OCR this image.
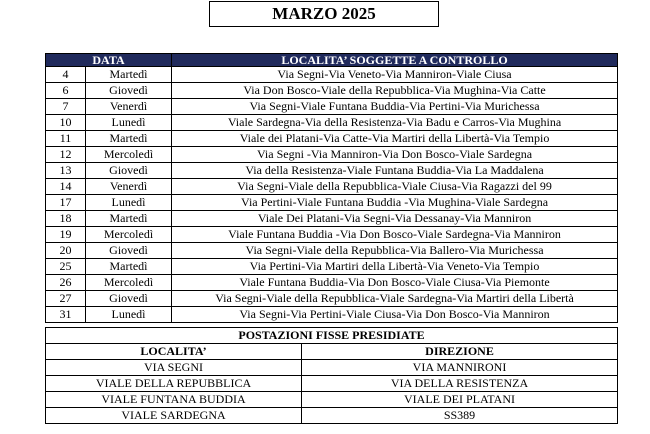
MARZO 2025
DATA		LOCALITA’ SOGGETTE A CONTROLLO
4	Martedì	Via Segni-Via Veneto-Via Manniron-Viale Ciusa
6	Giovedì	Via Don Bosco-Viale della Repubblica-Via Mughina-Via Catte
7	Venerdì	Via Segni-Viale Funtana Buddia-Via Pertini-Via Murichessa
10	Lunedì	Viale Sardegna-Via della Resistenza-Via Badu e Carros-Via Mughina
11	Martedì	Viale dei Platani-Via Catte-Via Martiri della Libertà-Via Tempio
12	Mercoledì	Via Segni -Via Manniron-Via Don Bosco-Viale Sardegna
13	Giovedì	Via della Resistenza-Viale Funtana Buddia-Via La Maddalena
14	Venerdì	Via Segni-Viale della Repubblica-Viale Ciusa-Via Ragazzi del 99
17	Lunedì	Via Pertini-Viale Funtana Buddia -Via Mughina-Viale Sardegna
18	Martedì	Viale Dei Platani-Via Segni-Via Dessanay-Via Manniron
19	Mercoledì	Viale Funtana Buddia -Via Don Bosco-Viale Sardegna-Via Manniron
20	Giovedì	Via Segni-Viale della Repubblica-Via Ballero-Via Murichessa
25	Martedì	Via Pertini-Via Martiri della Libertà-Via Veneto-Via Tempio
26	Mercoledì	Viale Funtana Buddia-Via Don Bosco-Viale Ciusa-Via Piemonte
27	Giovedì	Via Segni-Viale della Repubblica-Viale Sardegna-Via Martiri della Libertà
31	Lunedì	Via Segni-Via Pertini-Viale Ciusa-Via Don Bosco-Via Manniron
POSTAZIONI FISSE PRESIDIATE	
LOCALITA’	DIREZIONE
VIA SEGNI	VIA MANNIRONI
VIALE DELLA REPUBBLICA	VIA DELLA RESISTENZA
VIALE FUNTANA BUDDIA	VIALE DEI PLATANI
VIALE SARDEGNA	SS389
